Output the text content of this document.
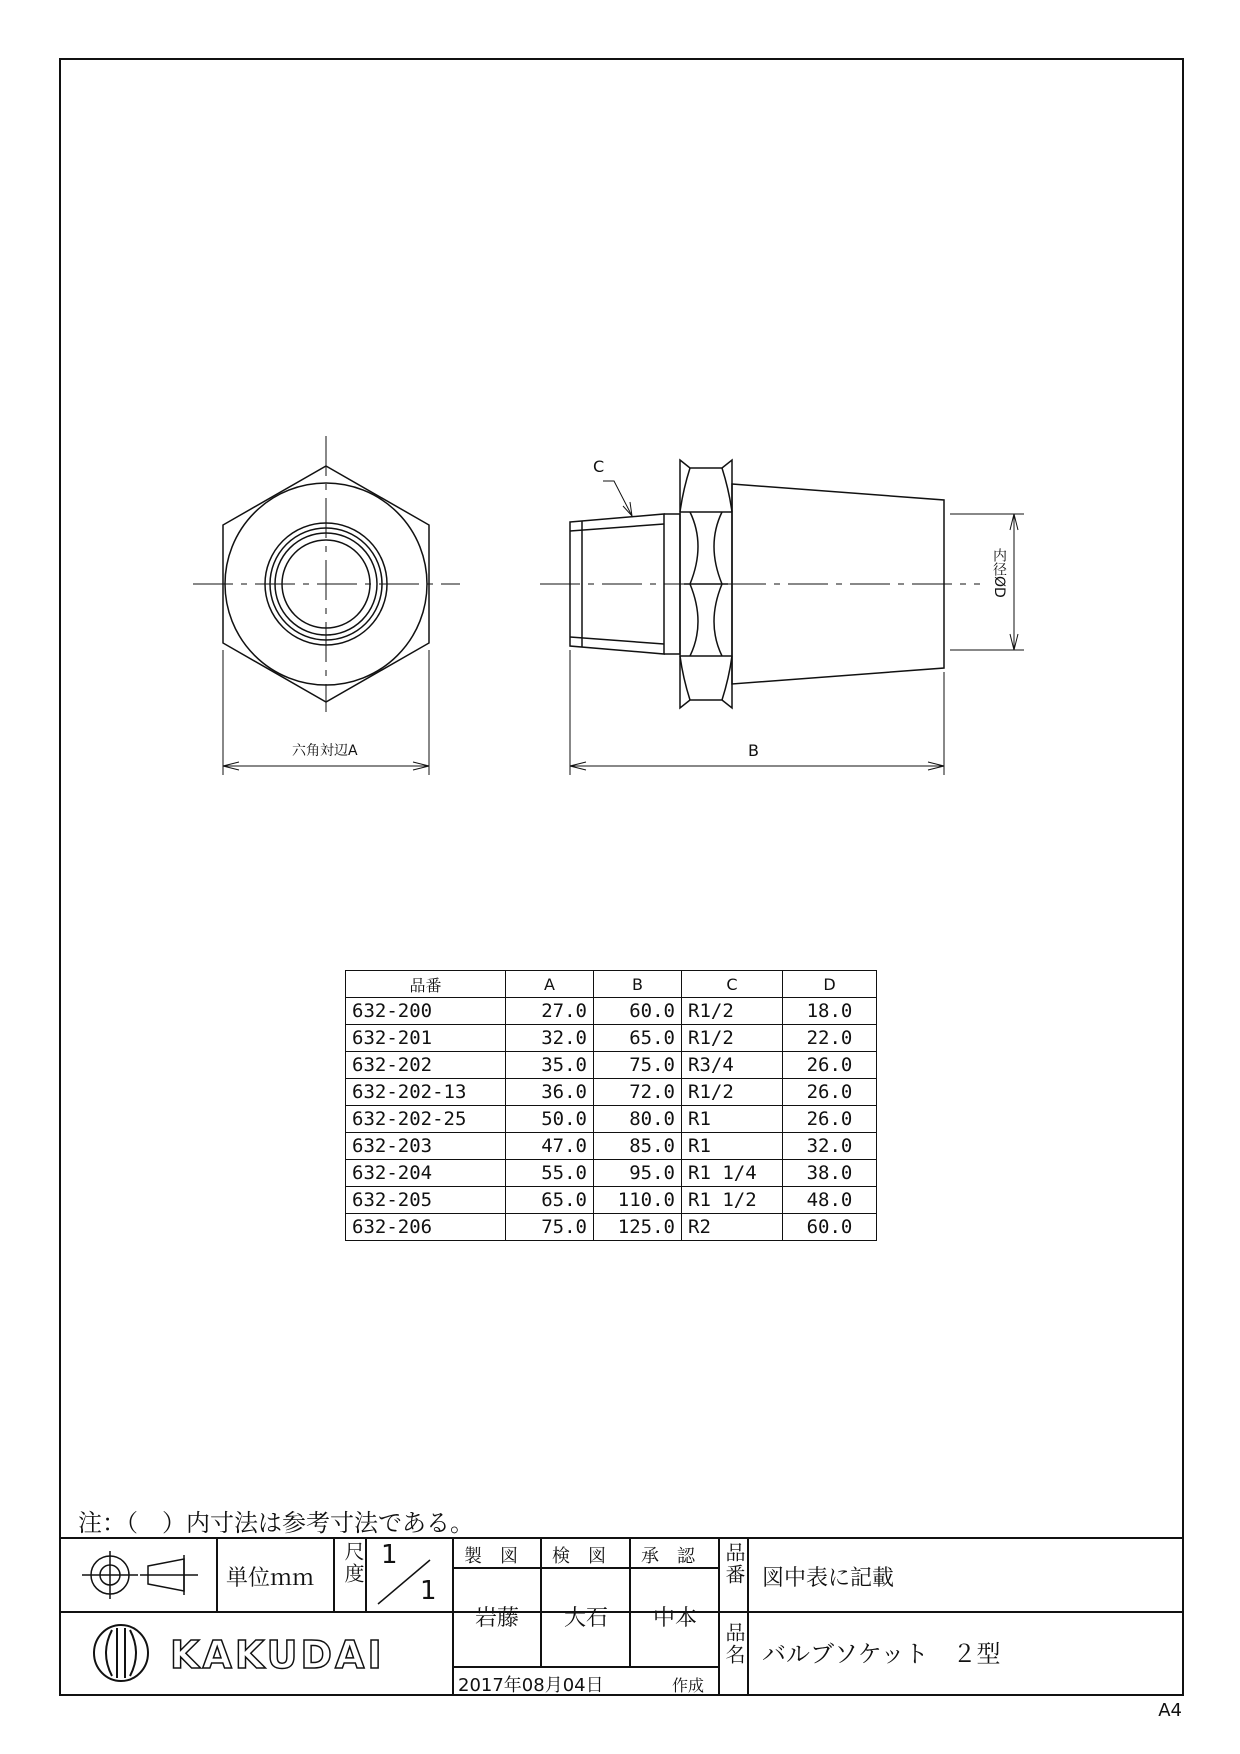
六角対辺A	B
C
内径ØD
品番	A	B	C	D
632-200	27.0	60.0	R1/2	18.0
632-201	32.0	65.0	R1/2	22.0
632-202	35.0	75.0	R3/4	26.0
632-202-13	36.0	72.0	R1/2	26.0
632-202-25	50.0	80.0	R1	26.0
632-203	47.0	85.0	R1	32.0
632-204	55.0	95.0	R1 1/4	38.0
632-205	65.0	110.0	R1 1/2	48.0
632-206	75.0	125.0	R2	60.0
注：（　）内寸法は参考寸法である。
単位ｍｍ 尺度 1
1
製　図 検　図 承　認
岩藤 大石 中本
品番 図中表に記載
品名 バルブソケット　２型
2017年08月04日	作成
KAKUDAI
A4
